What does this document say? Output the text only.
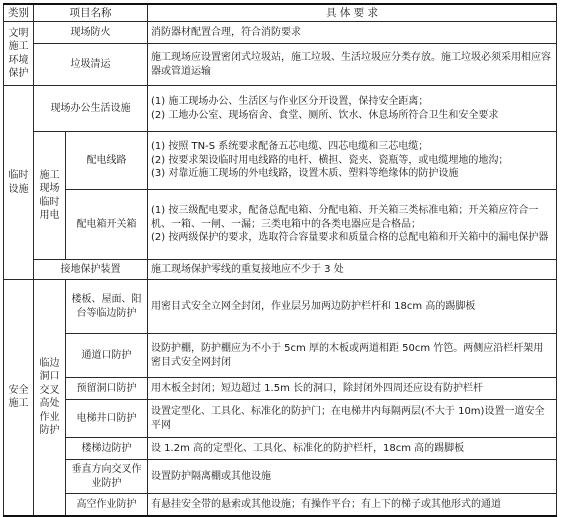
类别	项目名称		具 体 要 求
文明施工环境保护	现场防火		消防器材配置合理，符合消防要求

	垃圾清运		施工现场应设置密闭式垃圾站，施工垃圾、生活垃圾应分类存放。施工垃圾必须采用相应容器或管道运输

临时设施	现场办公生活设施		(1) 施工现场办公、生活区与作业区分开设置，保持安全距离；
(2) 工地办公室、现场宿舍、食堂、厕所、饮水、休息场所符合卫生和安全要求

	施工现场临时用电	配电线路	(1) 按照 TN-S 系统要求配备五芯电缆、四芯电缆和三芯电缆；
(2) 按要求架设临时用电线路的电杆、横担、瓷夹、瓷瓶等，或电缆埋地的地沟；
(3) 对靠近施工现场的外电线路，设置木质、塑料等绝缘体的防护设施

		配电箱开关箱	(1) 按三级配电要求，配备总配电箱、分配电箱、开关箱三类标准电箱；开关箱应符合一机、一箱、一闸、一漏；三类电箱中的各类电器应是合格品；
(2) 按两级保护的要求，选取符合容量要求和质量合格的总配电箱和开关箱中的漏电保护器

	接地保护装置		施工现场保护零线的重复接地应不少于 3 处

安全施工	临边洞口交叉高处作业防护	楼板、屋面、阳台等临边防护	用密目式安全立网全封闭，作业层另加两边防护栏杆和 18cm 高的踢脚板

		通道口防护	设防护棚，防护棚应为不小于 5cm 厚的木板或两道相距 50cm 竹笆。两侧应沿栏杆架用密目式安全网封闭

		预留洞口防护	用木板全封闭；短边超过 1.5m 长的洞口，除封闭外四周还应设有防护栏杆

		电梯井口防护	设置定型化、工具化、标准化的防护门；在电梯井内每隔两层(不大于 10m)设置一道安全平网

		楼梯边防护	设 1.2m 高的定型化、工具化、标准化的防护栏杆，18cm 高的踢脚板

		垂直方向交叉作业防护	设置防护隔离棚或其他设施

		高空作业防护	有悬挂安全带的悬索或其他设施；有操作平台；有上下的梯子或其他形式的通道
